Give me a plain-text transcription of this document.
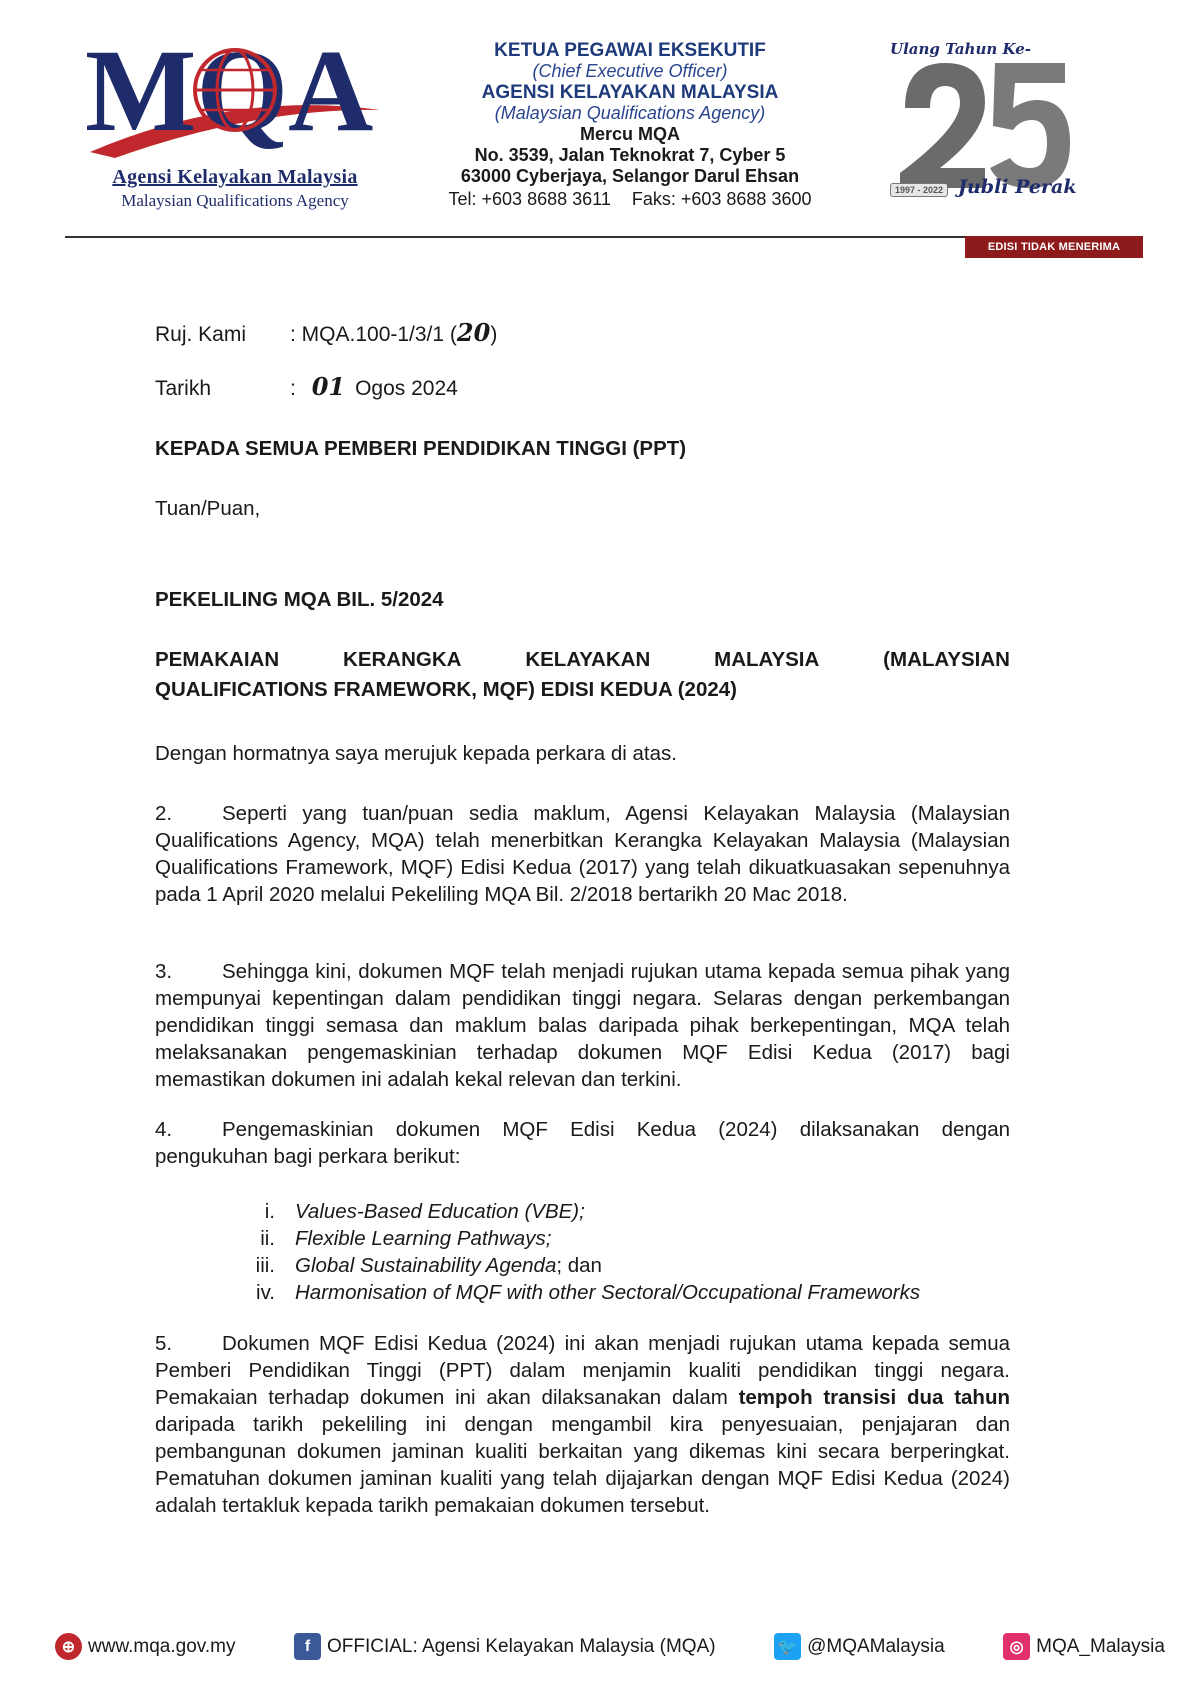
MQA
Agensi Kelayakan Malaysia
Malaysian Qualifications Agency
KETUA PEGAWAI EKSEKUTIF
(Chief Executive Officer)
AGENSI KELAYAKAN MALAYSIA
(Malaysian Qualifications Agency)
Mercu MQA
No. 3539, Jalan Teknokrat 7, Cyber 5
63000 Cyberjaya, Selangor Darul Ehsan
Tel: +603 8688 3611 Faks: +603 8688 3600
Ulang Tahun Ke-
1997 - 2022 Jubli Perak
EDISI TIDAK MENERIMA HADIAH
Ruj. Kami : MQA.100-1/3/1 (20)
Tarikh	: 01 Ogos 2024
KEPADA SEMUA PEMBERI PENDIDIKAN TINGGI (PPT)
Tuan/Puan,
PEKELILING MQA BIL. 5/2024
PEMAKAIAN	KERANGKA	KELAYAKAN	MALAYSIA	(MALAYSIAN
QUALIFICATIONS FRAMEWORK, MQF) EDISI KEDUA (2024)
Dengan hormatnya saya merujuk kepada perkara di atas.
2. Seperti yang tuan/puan sedia maklum, Agensi Kelayakan Malaysia (Malaysian Qualifications Agency, MQA) telah menerbitkan Kerangka Kelayakan Malaysia (Malaysian Qualifications Framework, MQF) Edisi Kedua (2017) yang telah dikuatkuasakan sepenuhnya pada 1 April 2020 melalui Pekeliling MQA Bil. 2/2018 bertarikh 20 Mac 2018.
3. Sehingga kini, dokumen MQF telah menjadi rujukan utama kepada semua pihak yang mempunyai kepentingan dalam pendidikan tinggi negara. Selaras dengan perkembangan pendidikan tinggi semasa dan maklum balas daripada pihak berkepentingan, MQA telah melaksanakan pengemaskinian terhadap dokumen MQF Edisi Kedua (2017) bagi memastikan dokumen ini adalah kekal relevan dan terkini.
4. Pengemaskinian dokumen MQF Edisi Kedua (2024) dilaksanakan dengan pengukuhan bagi perkara berikut:
i. Values-Based Education (VBE);
ii. Flexible Learning Pathways;
iii. Global Sustainability Agenda ; dan
iv. Harmonisation of MQF with other Sectoral/Occupational Frameworks
5. Dokumen MQF Edisi Kedua (2024) ini akan menjadi rujukan utama kepada semua Pemberi Pendidikan Tinggi (PPT) dalam menjamin kualiti pendidikan tinggi negara. Pemakaian terhadap dokumen ini akan dilaksanakan dalam tempoh transisi dua tahun daripada tarikh pekeliling ini dengan mengambil kira penyesuaian, penjajaran dan pembangunan dokumen jaminan kualiti berkaitan yang dikemas kini secara berperingkat. Pematuhan dokumen jaminan kualiti yang telah dijajarkan dengan MQF Edisi Kedua (2024) adalah tertakluk kepada tarikh pemakaian dokumen tersebut.
⊕ www.mqa.gov.my	f OFFICIAL: Agensi Kelayakan Malaysia (MQA)	🐦 @MQAMalaysia	◎ MQA_Malaysia
